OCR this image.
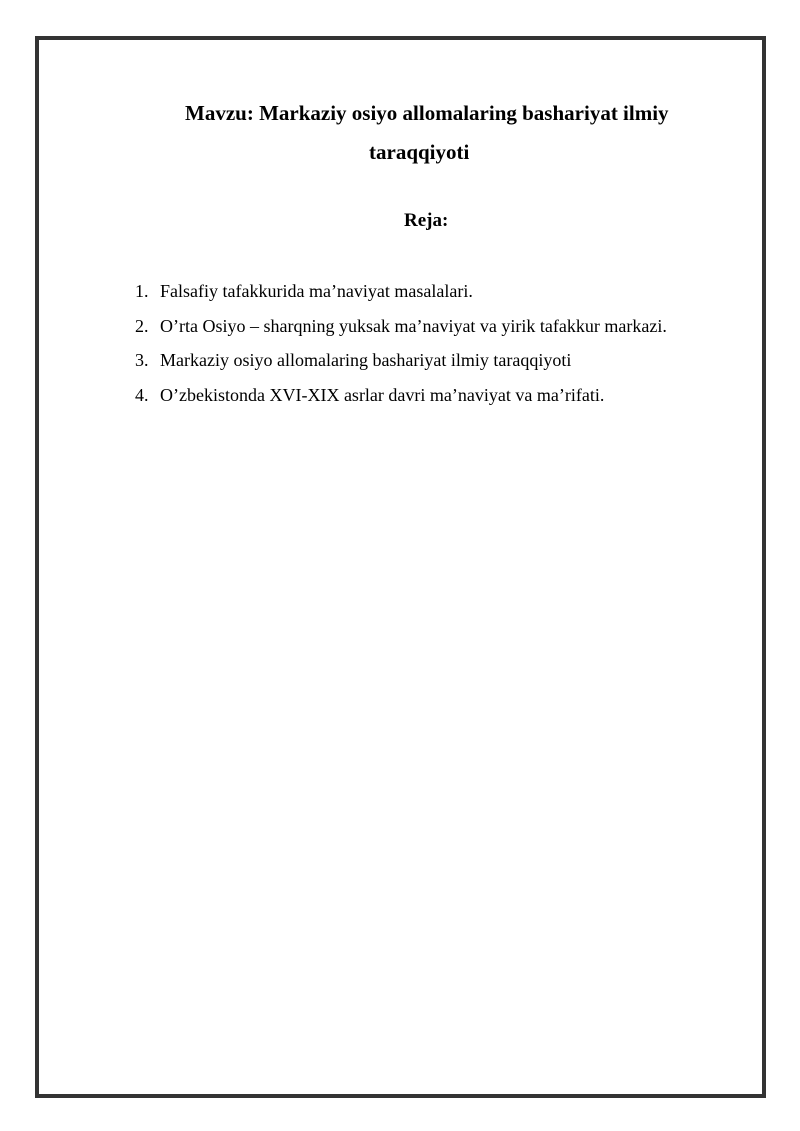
Mavzu: Markaziy osiyo allomalaring bashariyat ilmiy
taraqqiyoti
Reja:
1. Falsafiy tafakkurida ma’naviyat masalalari.
2. O’rta Osiyo – sharqning yuksak ma’naviyat va yirik tafakkur markazi.
3. Markaziy osiyo allomalaring bashariyat ilmiy taraqqiyoti
4. O’zbekistonda XVI-XIX asrlar davri ma’naviyat va ma’rifati.
